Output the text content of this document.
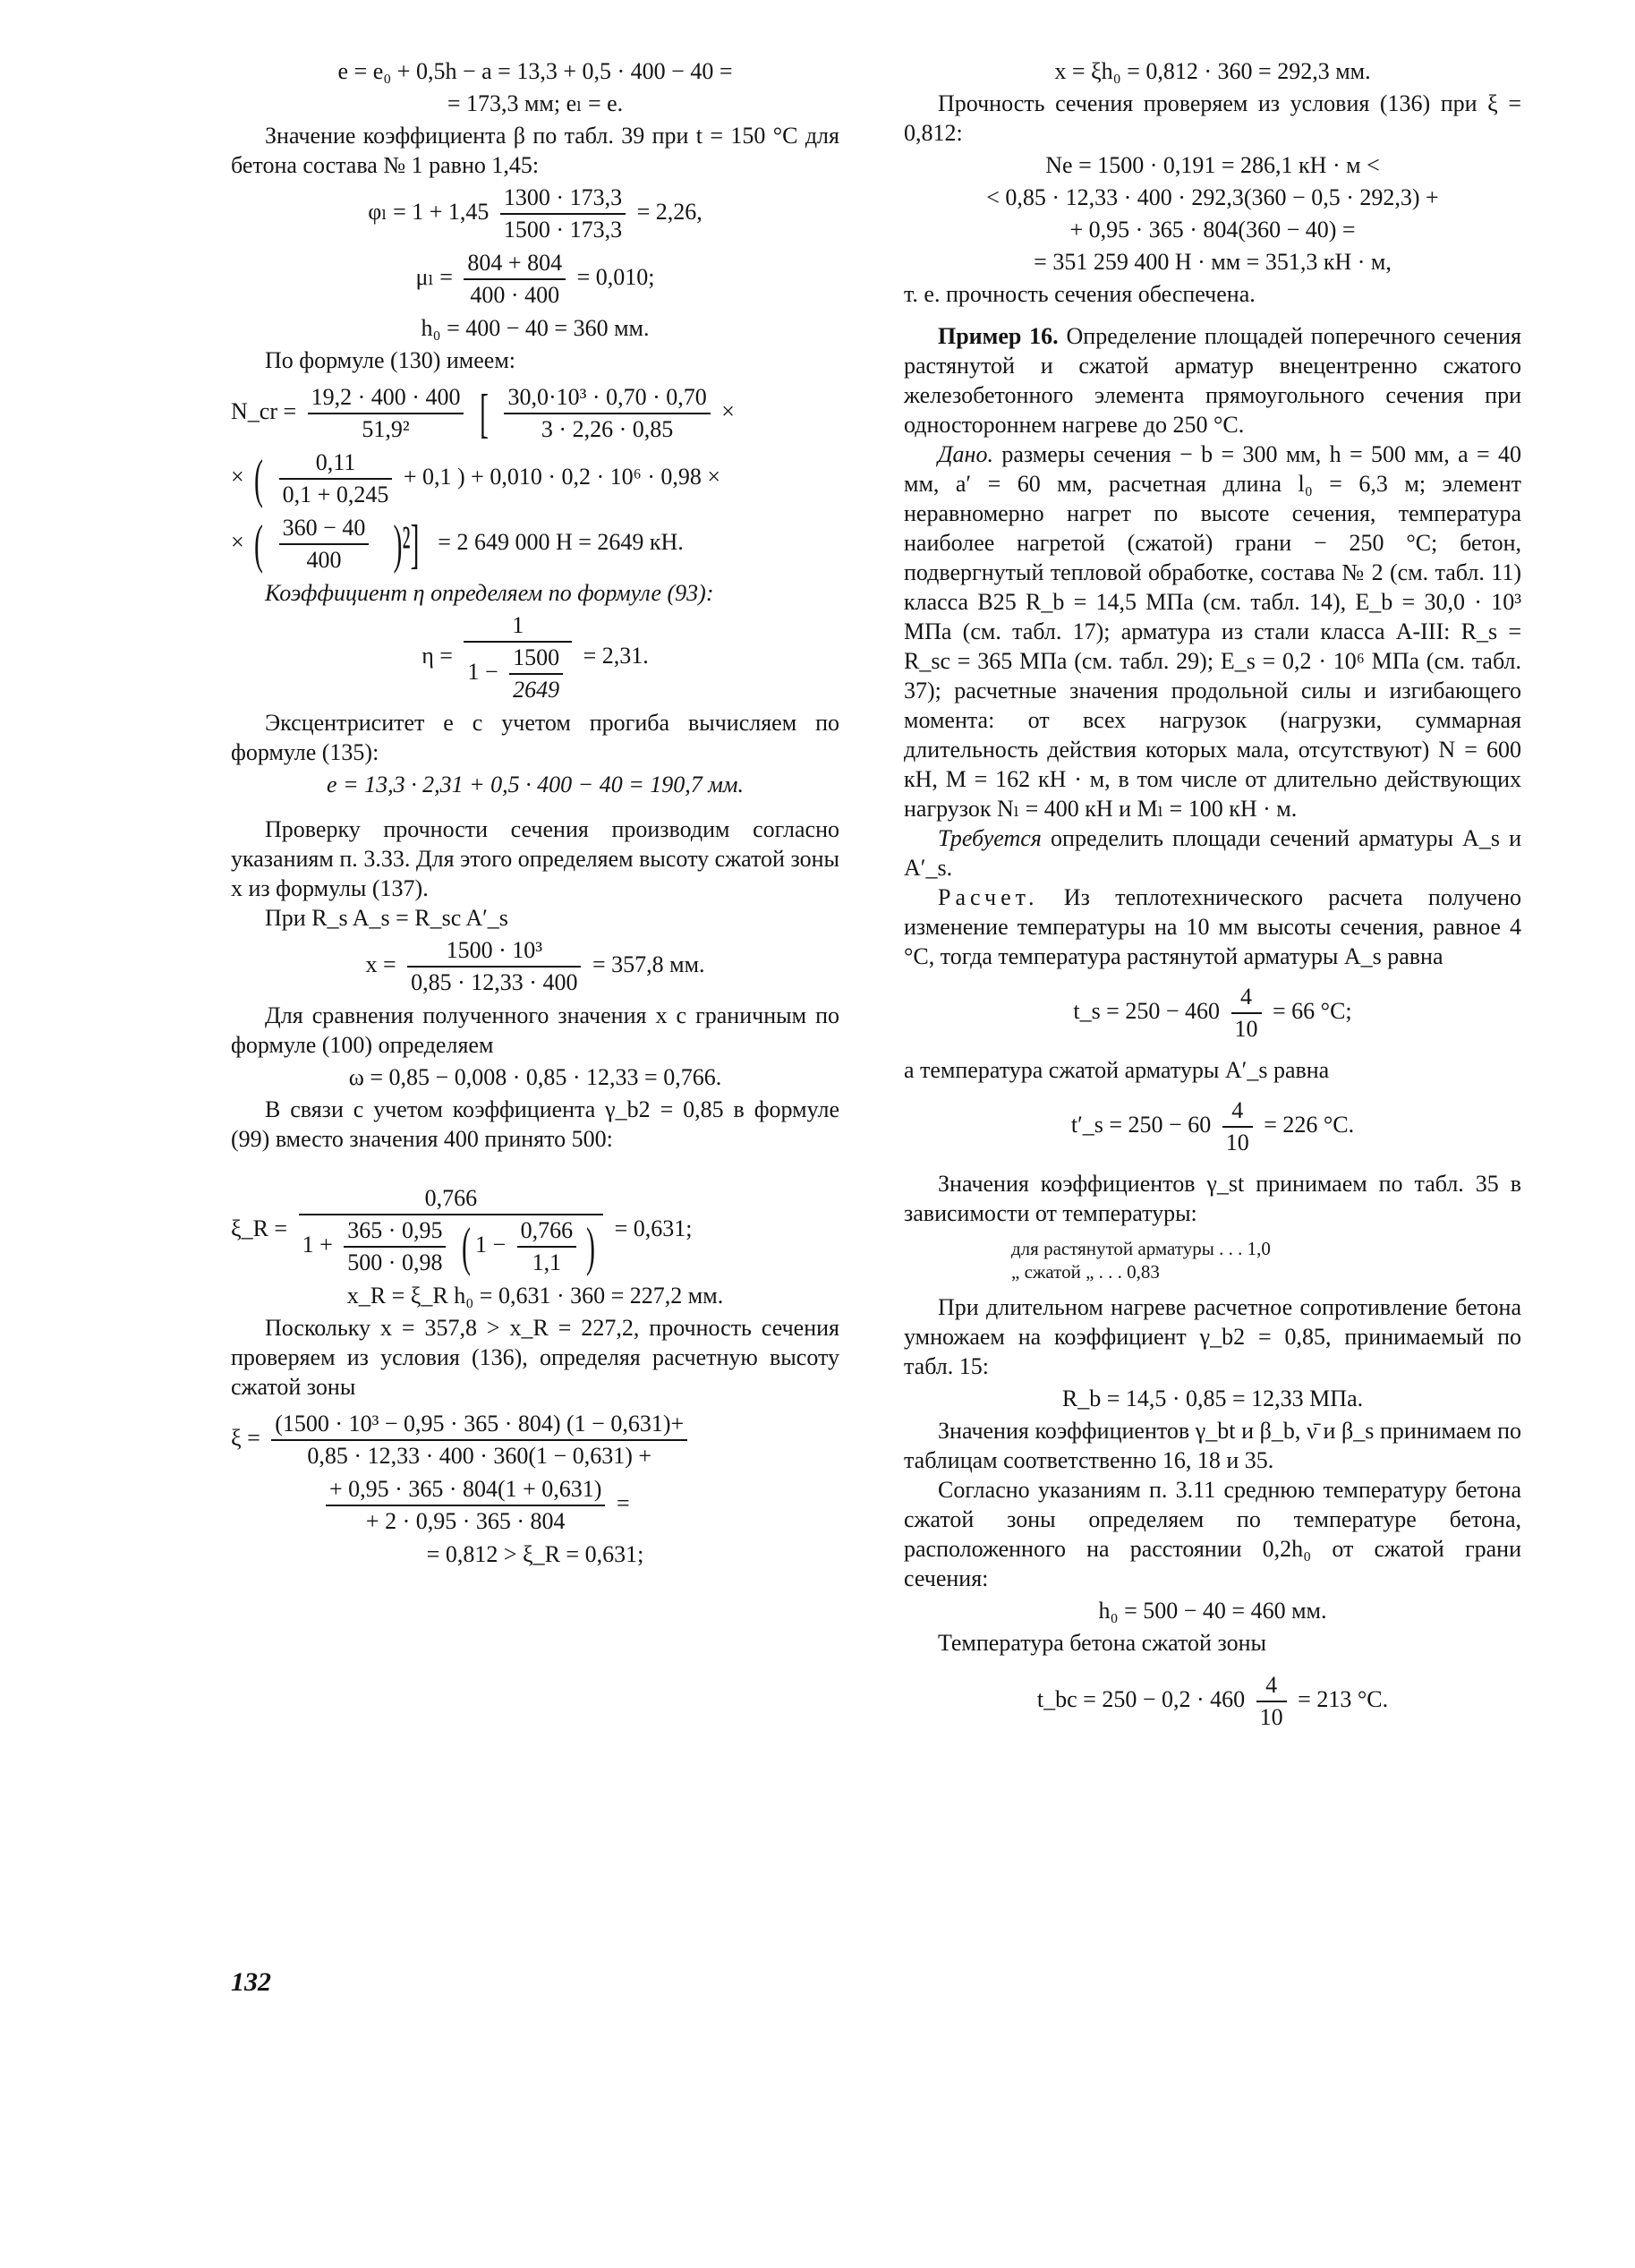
e = e₀ + 0,5h − a = 13,3 + 0,5 · 400 − 40 =
= 173,3 мм; eₗ = e.

Значение коэффициента β по табл. 39 при t = 150 °С для бетона состава № 1 равно 1,45:

$\varphi_l = 1 + 1,45 \frac{1300 \cdot 173,3}{1500 \cdot 173,3} = 2,26$,
$\mu_l = \frac{804 + 804}{400 \cdot 400} = 0,010$;
h₀ = 400 − 40 = 360 мм.

По формуле (130) имеем:

N_cr = $\frac{19,2 \cdot 400 \cdot 400}{\text{51,9²}}$ [ $\frac{\text{30,0·10³ · 0,70 · 0,70}}{3 \cdot 2,26 \cdot 0,85}$ ×
× ( $\frac{0,11}{0,1 + 0,245} + 0,1$ ) + 0,010 · 0,2 · 10⁶ · 0,98 ×
× ( $\frac{360 - 40}{400} )^2] = 2$ 649 000 Н = 2649 кН.

Коэффициент η определяем по формуле (93):

$\eta = \frac{1}{1 - \frac{1500}{2649}} = 2,31$.

Эксцентриситет e с учетом прогиба вычисляем по формуле (135):

e = 13,3 · 2,31 + 0,5 · 400 − 40 = 190,7 мм.

Проверку прочности сечения производим согласно указаниям п. 3.33. Для этого определяем высоту сжатой зоны x из формулы (137).

При R_s A_s = R_sc A′_s

$x = \frac{\text{1500 · 10³}}{0,85 \cdot 12,33 \cdot 400} = 357,8$ мм.

Для сравнения полученного значения x с граничным по формуле (100) определяем

ω = 0,85 − 0,008 · 0,85 · 12,33 = 0,766.

В связи с учетом коэффициента γ_b2 = 0,85 в формуле (99) вместо значения 400 принято 500:

ξ_R =
0,766
$1 + \frac{365 \cdot 0,95}{500 \cdot 0,98}$ ( $1 - \frac{0,766}{1,1}$ ) = 0,631;
x_R = ξ_R h₀ = 0,631 · 360 = 227,2 мм.

Поскольку x = 357,8 > x_R = 227,2, прочность сечения проверяем из условия (136), определяя расчетную высоту сжатой зоны

$\xi = \frac{\text{(1500 · 10³ − 0,95 · 365 · 804) (1 − 0,631)+}}{0,85 \cdot 12,33 \cdot 400 \cdot 360(1 - 0,631) +}$
$\frac{+ 0,95 \cdot 365 \cdot 804(1 + 0,631)}{+ 2 \cdot 0,95 \cdot 365 \cdot 804}$ =
= 0,812 > ξ_R = 0,631;
x = ξh₀ = 0,812 · 360 = 292,3 мм.

Прочность сечения проверяем из условия (136) при ξ = 0,812:

Ne = 1500 · 0,191 = 286,1 кН · м <
< 0,85 · 12,33 · 400 · 292,3(360 − 0,5 · 292,3) +
+ 0,95 · 365 · 804(360 − 40) =
= 351 259 400 Н · мм = 351,3 кН · м,

т. е. прочность сечения обеспечена.

Пример 16. Определение площадей поперечного сечения растянутой и сжатой арматур внецентренно сжатого железобетонного элемента прямоугольного сечения при одностороннем нагреве до 250 °С.

Дано. размеры сечения − b = 300 мм, h = 500 мм, a = 40 мм, a′ = 60 мм, расчетная длина l₀ = 6,3 м; элемент неравномерно нагрет по высоте сечения, температура наиболее нагретой (сжатой) грани − 250 °С; бетон, подвергнутый тепловой обработке, состава № 2 (см. табл. 11) класса B25 R_b = 14,5 МПа (см. табл. 14), E_b = 30,0 · 10³ МПа (см. табл. 17); арматура из стали класса A-III: R_s = R_sc = 365 МПа (см. табл. 29); E_s = 0,2 · 10⁶ МПа (см. табл. 37); расчетные значения продольной силы и изгибающего момента: от всех нагрузок (нагрузки, суммарная длительность действия которых мала, отсутствуют) N = 600 кН, M = 162 кН · м, в том числе от длительно действующих нагрузок Nₗ = 400 кН и Mₗ = 100 кН · м.

Требуется определить площади сечений арматуры A_s и A′_s.

Расчет. Из теплотехнического расчета получено изменение температуры на 10 мм высоты сечения, равное 4 °С, тогда температура растянутой арматуры A_s равна

t_s = $250 - 460 \frac{4}{10} = 66$ °С;

а температура сжатой арматуры A′_s равна

t′_s = $250 - 60 \frac{4}{10} = 226$ °С.

Значения коэффициентов γ_st принимаем по табл. 35 в зависимости от температуры:

для растянутой арматуры . . . 1,0
„ сжатой „ . . . 0,83

При длительном нагреве расчетное сопротивление бетона умножаем на коэффициент γ_b2 = 0,85, принимаемый по табл. 15:

R_b = 14,5 · 0,85 = 12,33 МПа.

Значения коэффициентов γ_bt и β_b, ν̄ и β_s принимаем по таблицам соответственно 16, 18 и 35.

Согласно указаниям п. 3.11 среднюю температуру бетона сжатой зоны определяем по температуре бетона, расположенного на расстоянии 0,2h₀ от сжатой грани сечения:

h₀ = 500 − 40 = 460 мм.

Температура бетона сжатой зоны

t_bc = $250 - 0,2 \cdot 460 \frac{4}{10} = 213$ °С.
132
